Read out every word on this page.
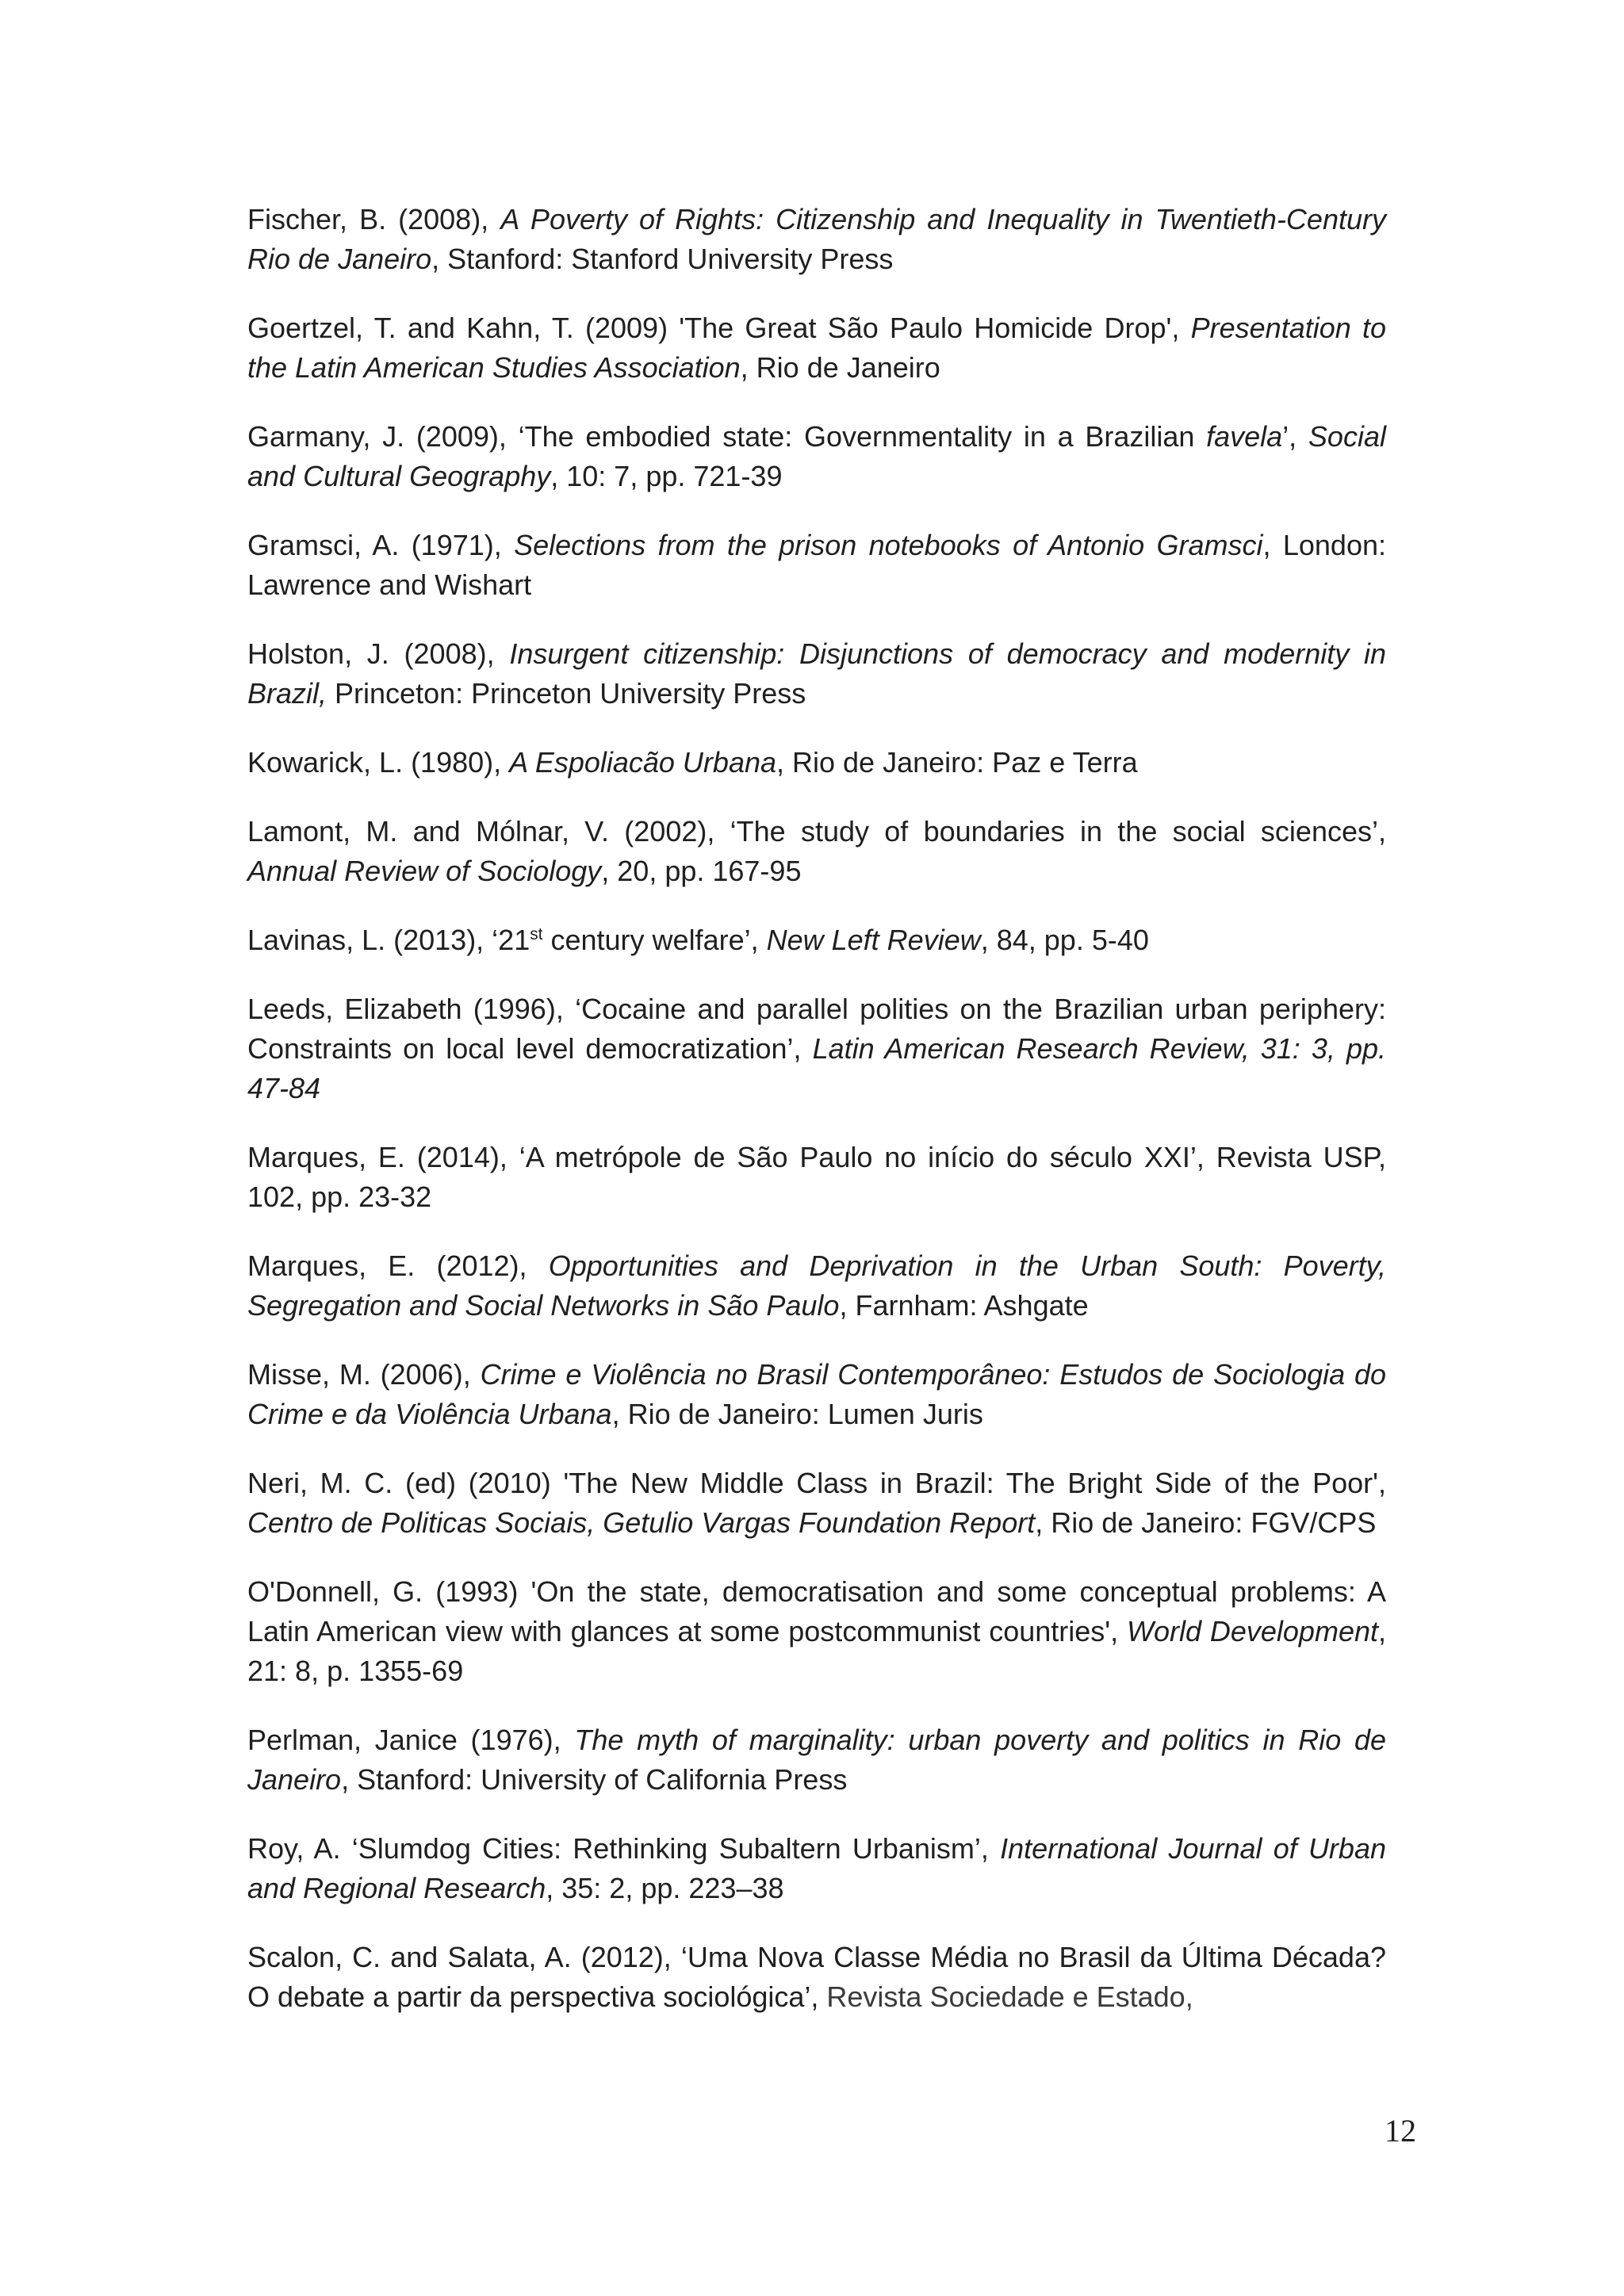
Fischer, B. (2008), A Poverty of Rights: Citizenship and Inequality in Twentieth-Century Rio de Janeiro, Stanford: Stanford University Press

Goertzel, T. and Kahn, T. (2009) 'The Great São Paulo Homicide Drop', Presentation to the Latin American Studies Association, Rio de Janeiro

Garmany, J. (2009), ‘The embodied state: Governmentality in a Brazilian favela’, Social and Cultural Geography, 10: 7, pp. 721-39

Gramsci, A. (1971), Selections from the prison notebooks of Antonio Gramsci, London: Lawrence and Wishart

Holston, J. (2008), Insurgent citizenship: Disjunctions of democracy and modernity in Brazil, Princeton: Princeton University Press

Kowarick, L. (1980), A Espoliacão Urbana, Rio de Janeiro: Paz e Terra

Lamont, M. and Mólnar, V. (2002), ‘The study of boundaries in the social sciences’, Annual Review of Sociology, 20, pp. 167-95

Lavinas, L. (2013), ‘21st century welfare’, New Left Review, 84, pp. 5-40

Leeds, Elizabeth (1996), ‘Cocaine and parallel polities on the Brazilian urban periphery: Constraints on local level democratization’, Latin American Research Review, 31: 3, pp. 47-84

Marques, E. (2014), ‘A metrópole de São Paulo no início do século XXI’, Revista USP, 102, pp. 23-32

Marques, E. (2012), Opportunities and Deprivation in the Urban South: Poverty, Segregation and Social Networks in São Paulo, Farnham: Ashgate

Misse, M. (2006), Crime e Violência no Brasil Contemporâneo: Estudos de Sociologia do Crime e da Violência Urbana, Rio de Janeiro: Lumen Juris

Neri, M. C. (ed) (2010) 'The New Middle Class in Brazil: The Bright Side of the Poor', Centro de Politicas Sociais, Getulio Vargas Foundation Report, Rio de Janeiro: FGV/CPS

O'Donnell, G. (1993) 'On the state, democratisation and some conceptual problems: A Latin American view with glances at some postcommunist countries', World Development, 21: 8, p. 1355-69

Perlman, Janice (1976), The myth of marginality: urban poverty and politics in Rio de Janeiro, Stanford: University of California Press

Roy, A. ‘Slumdog Cities: Rethinking Subaltern Urbanism’, International Journal of Urban and Regional Research, 35: 2, pp. 223–38

Scalon, C. and Salata, A. (2012), ‘Uma Nova Classe Média no Brasil da Última Década? O debate a partir da perspectiva sociológica’, Revista Sociedade e Estado,

12
